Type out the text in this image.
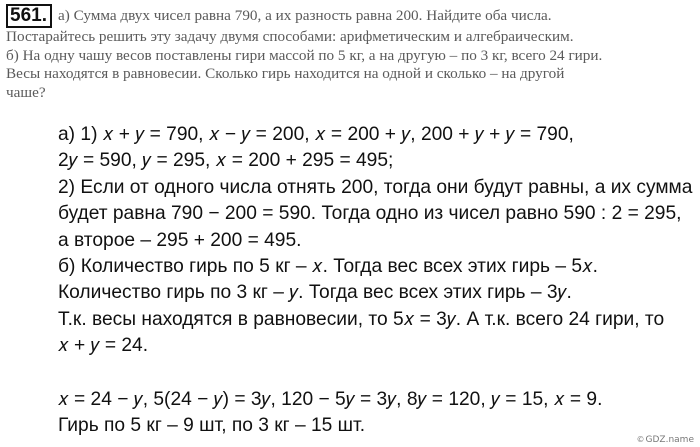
561. а) Сумма двух чисел равна 790, а их разность равна 200. Найдите оба числа.
Постарайтесь решить эту задачу двумя способами: арифметическим и алгебраическим.
б) На одну чашу весов поставлены гири массой по 5 кг, а на другую – по 3 кг, всего 24 гири.
Весы находятся в равновесии. Сколько гирь находится на одной и сколько – на другой
чаше?
а) 1) 𝑥 + 𝑦 = 790, 𝑥 − 𝑦 = 200, 𝑥 = 200 + 𝑦, 200 + 𝑦 + 𝑦 = 790,
2𝑦 = 590, 𝑦 = 295, 𝑥 = 200 + 295 = 495;
2) Если от одного числа отнять 200, тогда они будут равны, а их сумма
будет равна 790 − 200 = 590. Тогда одно из чисел равно 590 : 2 = 295,
а второе – 295 + 200 = 495.
б) Количество гирь по 5 кг – 𝑥. Тогда вес всех этих гирь – 5𝑥.
Количество гирь по 3 кг – 𝑦. Тогда вес всех этих гирь – 3𝑦.
Т.к. весы находятся в равновесии, то 5𝑥 = 3𝑦. А т.к. всего 24 гири, то
𝑥 + 𝑦 = 24.
𝑥 = 24 − 𝑦, 5(24 − 𝑦) = 3𝑦, 120 − 5𝑦 = 3𝑦, 8𝑦 = 120, 𝑦 = 15, 𝑥 = 9.
Гирь по 5 кг – 9 шт, по 3 кг – 15 шт.
©GDZ.name
